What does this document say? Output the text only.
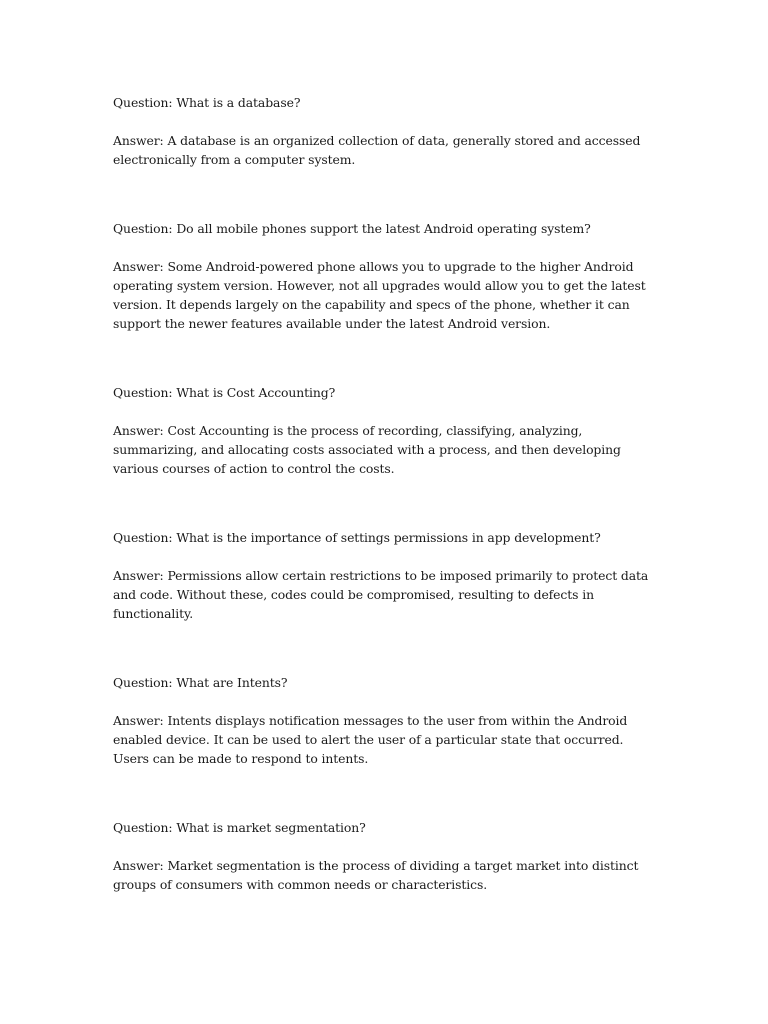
Question: What is a database?

Answer: A database is an organized collection of data, generally stored and accessed electronically from a computer system.

Question: Do all mobile phones support the latest Android operating system?

Answer: Some Android-powered phone allows you to upgrade to the higher Android operating system version. However, not all upgrades would allow you to get the latest version. It depends largely on the capability and specs of the phone, whether it can support the newer features available under the latest Android version.

Question: What is Cost Accounting?

Answer: Cost Accounting is the process of recording, classifying, analyzing, summarizing, and allocating costs associated with a process, and then developing various courses of action to control the costs.

Question: What is the importance of settings permissions in app development?

Answer: Permissions allow certain restrictions to be imposed primarily to protect data and code. Without these, codes could be compromised, resulting to defects in functionality.

Question: What are Intents?

Answer: Intents displays notification messages to the user from within the Android enabled device. It can be used to alert the user of a particular state that occurred. Users can be made to respond to intents.

Question: What is market segmentation?

Answer: Market segmentation is the process of dividing a target market into distinct groups of consumers with common needs or characteristics.
